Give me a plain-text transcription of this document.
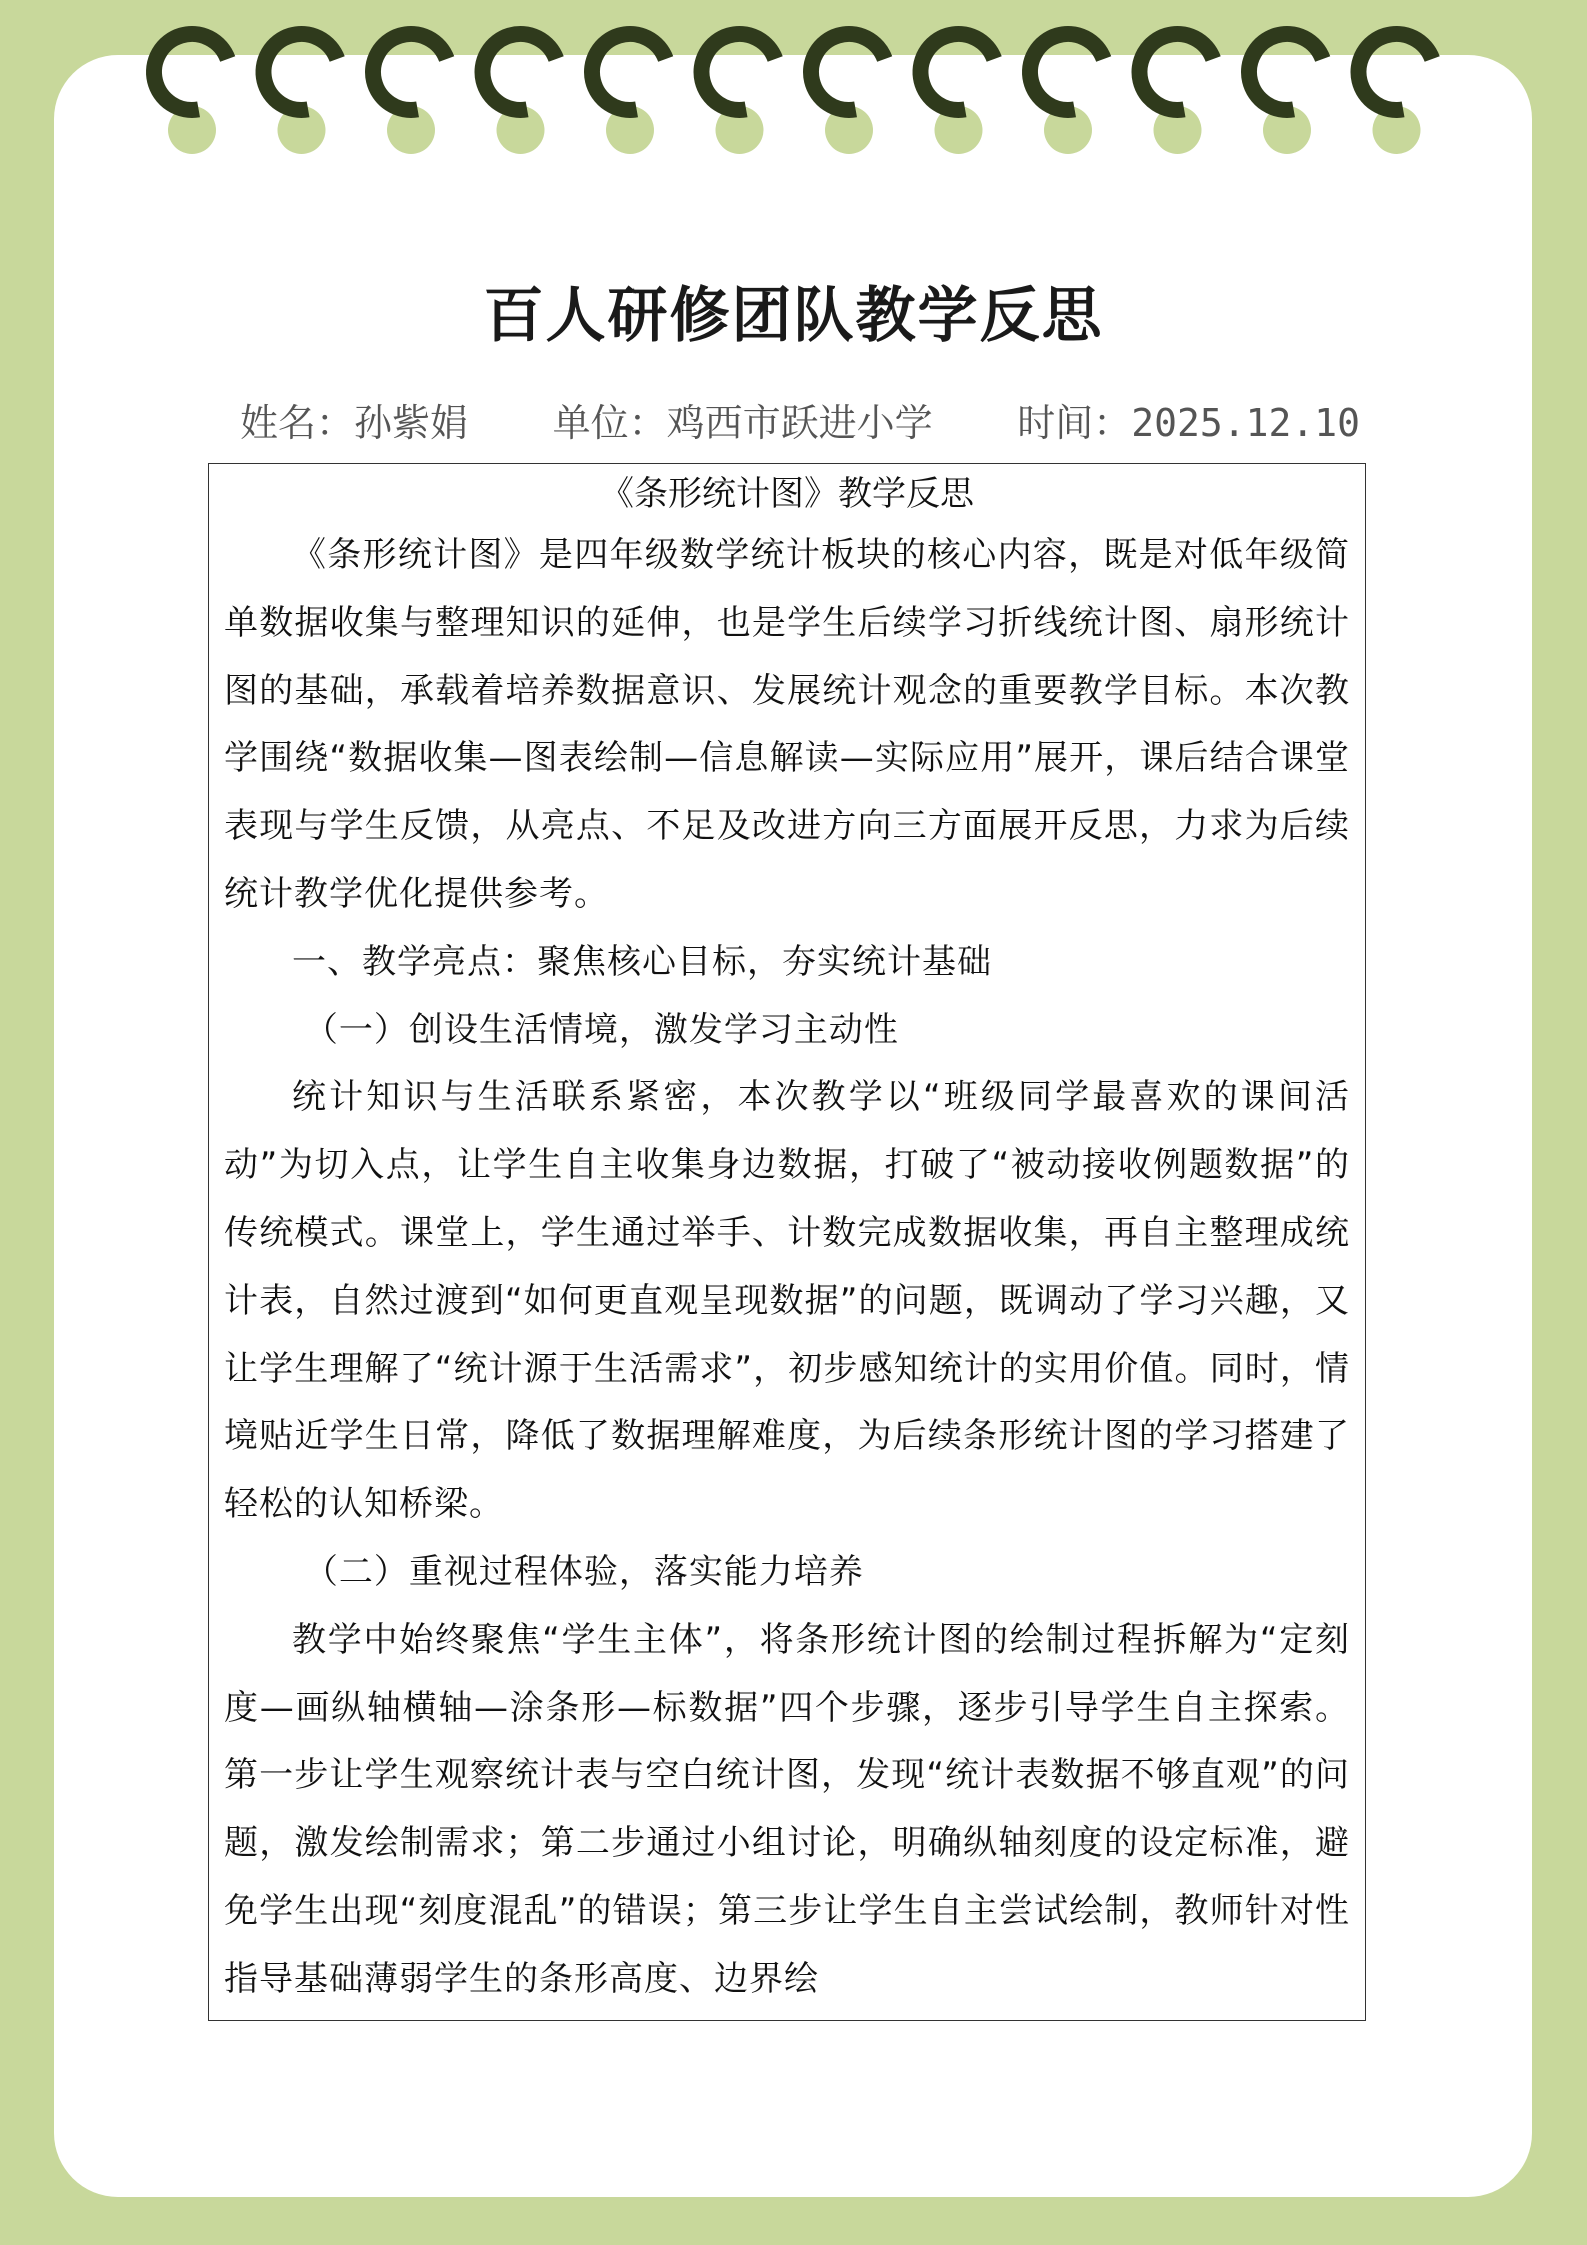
百人研修团队教学反思
姓名：孙紫娟 单位：鸡西市跃进小学 时间：2025.12.10
《条形统计图》教学反思

《条形统计图》是四年级数学统计板块的核心内容，既是对低年级简单数据收集与整理知识的延伸，也是学生后续学习折线统计图、扇形统计图的基础，承载着培养数据意识、发展统计观念的重要教学目标。本次教学围绕“数据收集—图表绘制—信息解读—实际应用”展开，课后结合课堂表现与学生反馈，从亮点、不足及改进方向三方面展开反思，力求为后续统计教学优化提供参考。

一、教学亮点：聚焦核心目标，夯实统计基础

（一）创设生活情境，激发学习主动性

统计知识与生活联系紧密，本次教学以“班级同学最喜欢的课间活动”为切入点，让学生自主收集身边数据，打破了“被动接收例题数据”的传统模式。课堂上，学生通过举手、计数完成数据收集，再自主整理成统计表，自然过渡到“如何更直观呈现数据”的问题，既调动了学习兴趣，又让学生理解了“统计源于生活需求”，初步感知统计的实用价值。同时，情境贴近学生日常，降低了数据理解难度，为后续条形统计图的学习搭建了轻松的认知桥梁。

（二）重视过程体验，落实能力培养

教学中始终聚焦“学生主体”，将条形统计图的绘制过程拆解为“定刻度—画纵轴横轴—涂条形—标数据”四个步骤，逐步引导学生自主探索。第一步让学生观察统计表与空白统计图，发现“统计表数据不够直观”的问题，激发绘制需求；第二步通过小组讨论，明确纵轴刻度的设定标准，避免学生出现“刻度混乱”的错误；第三步让学生自主尝试绘制，教师针对性指导基础薄弱学生的条形高度、边界绘
